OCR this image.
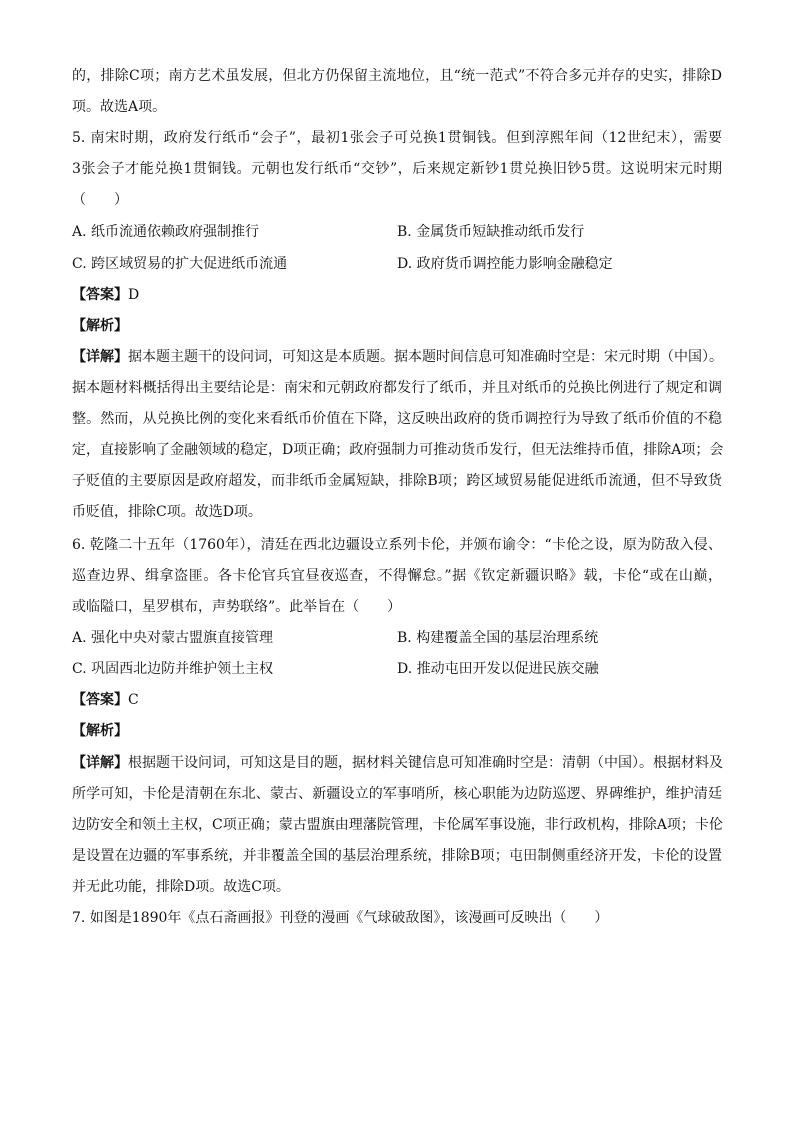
的，排除C项；南方艺术虽发展，但北方仍保留主流地位，且“统一范式”不符合多元并存的史实，排除D
项。故选A项。
5. 南宋时期，政府发行纸币“会子”，最初1张会子可兑换1贯铜钱。但到淳熙年间（12世纪末），需要
3张会子才能兑换1贯铜钱。元朝也发行纸币“交钞”，后来规定新钞1贯兑换旧钞5贯。这说明宋元时期
（　　）
A. 纸币流通依赖政府强制推行	B. 金属货币短缺推动纸币发行
C. 跨区域贸易的扩大促进纸币流通	D. 政府货币调控能力影响金融稳定
【答案】D
【解析】
【详解】据本题主题干的设问词，可知这是本质题。据本题时间信息可知准确时空是：宋元时期（中国）。
据本题材料概括得出主要结论是：南宋和元朝政府都发行了纸币，并且对纸币的兑换比例进行了规定和调
整。然而，从兑换比例的变化来看纸币价值在下降，这反映出政府的货币调控行为导致了纸币价值的不稳
定，直接影响了金融领域的稳定，D项正确；政府强制力可推动货币发行，但无法维持币值，排除A项；会
子贬值的主要原因是政府超发，而非纸币金属短缺，排除B项；跨区域贸易能促进纸币流通，但不导致货
币贬值，排除C项。故选D项。
6. 乾隆二十五年（1760年），清廷在西北边疆设立系列卡伦，并颁布谕令：“卡伦之设，原为防敌入侵、
巡查边界、缉拿盗匪。各卡伦官兵宜昼夜巡查，不得懈怠。”据《钦定新疆识略》载，卡伦“或在山巅，
或临隘口，星罗棋布，声势联络”。此举旨在（　　）
A. 强化中央对蒙古盟旗直接管理	B. 构建覆盖全国的基层治理系统
C. 巩固西北边防并维护领土主权	D. 推动屯田开发以促进民族交融
【答案】C
【解析】
【详解】根据题干设问词，可知这是目的题，据材料关键信息可知准确时空是：清朝（中国）。根据材料及
所学可知，卡伦是清朝在东北、蒙古、新疆设立的军事哨所，核心职能为边防巡逻、界碑维护，维护清廷
边防安全和领土主权，C项正确；蒙古盟旗由理藩院管理，卡伦属军事设施，非行政机构，排除A项；卡伦
是设置在边疆的军事系统，并非覆盖全国的基层治理系统，排除B项；屯田制侧重经济开发，卡伦的设置
并无此功能，排除D项。故选C项。
7. 如图是1890年《点石斋画报》刊登的漫画《气球破敌图》，该漫画可反映出（　　）
